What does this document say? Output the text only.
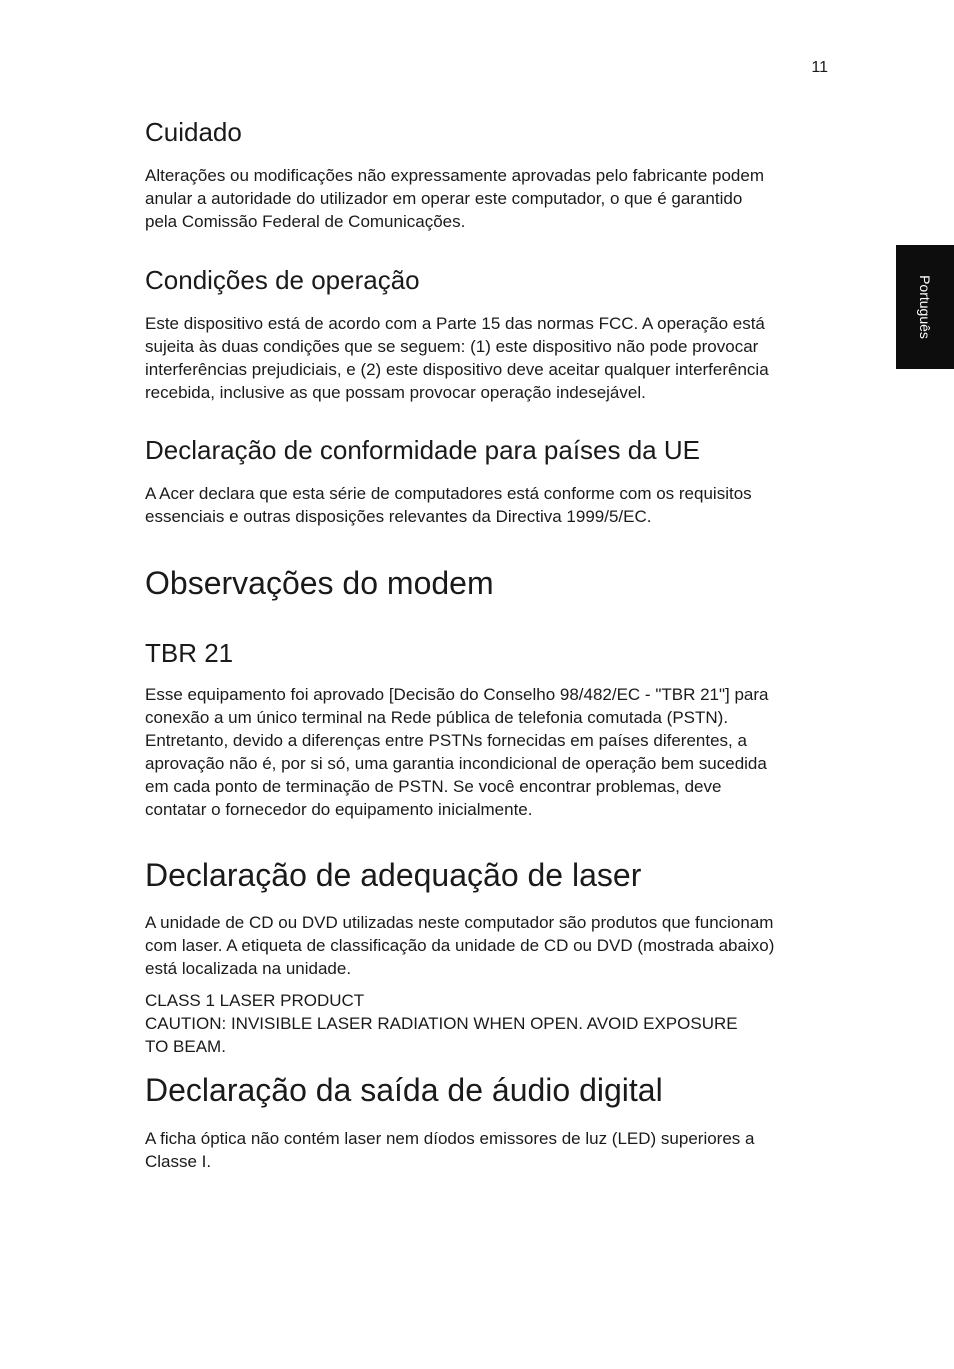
11
Português
Cuidado
Alterações ou modificações não expressamente aprovadas pelo fabricante podem
anular a autoridade do utilizador em operar este computador, o que é garantido
pela Comissão Federal de Comunicações.
Condições de operação
Este dispositivo está de acordo com a Parte 15 das normas FCC. A operação está
sujeita às duas condições que se seguem: (1) este dispositivo não pode provocar
interferências prejudiciais, e (2) este dispositivo deve aceitar qualquer interferência
recebida, inclusive as que possam provocar operação indesejável.
Declaração de conformidade para países da UE
A Acer declara que esta série de computadores está conforme com os requisitos
essenciais e outras disposições relevantes da Directiva 1999/5/EC.
Observações do modem
TBR 21
Esse equipamento foi aprovado [Decisão do Conselho 98/482/EC - "TBR 21"] para
conexão a um único terminal na Rede pública de telefonia comutada (PSTN).
Entretanto, devido a diferenças entre PSTNs fornecidas em países diferentes, a
aprovação não é, por si só, uma garantia incondicional de operação bem sucedida
em cada ponto de terminação de PSTN. Se você encontrar problemas, deve
contatar o fornecedor do equipamento inicialmente.
Declaração de adequação de laser
A unidade de CD ou DVD utilizadas neste computador são produtos que funcionam
com laser. A etiqueta de classificação da unidade de CD ou DVD (mostrada abaixo)
está localizada na unidade.
CLASS 1 LASER PRODUCT
CAUTION: INVISIBLE LASER RADIATION WHEN OPEN. AVOID EXPOSURE
TO BEAM.
Declaração da saída de áudio digital
A ficha óptica não contém laser nem díodos emissores de luz (LED) superiores a
Classe I.
